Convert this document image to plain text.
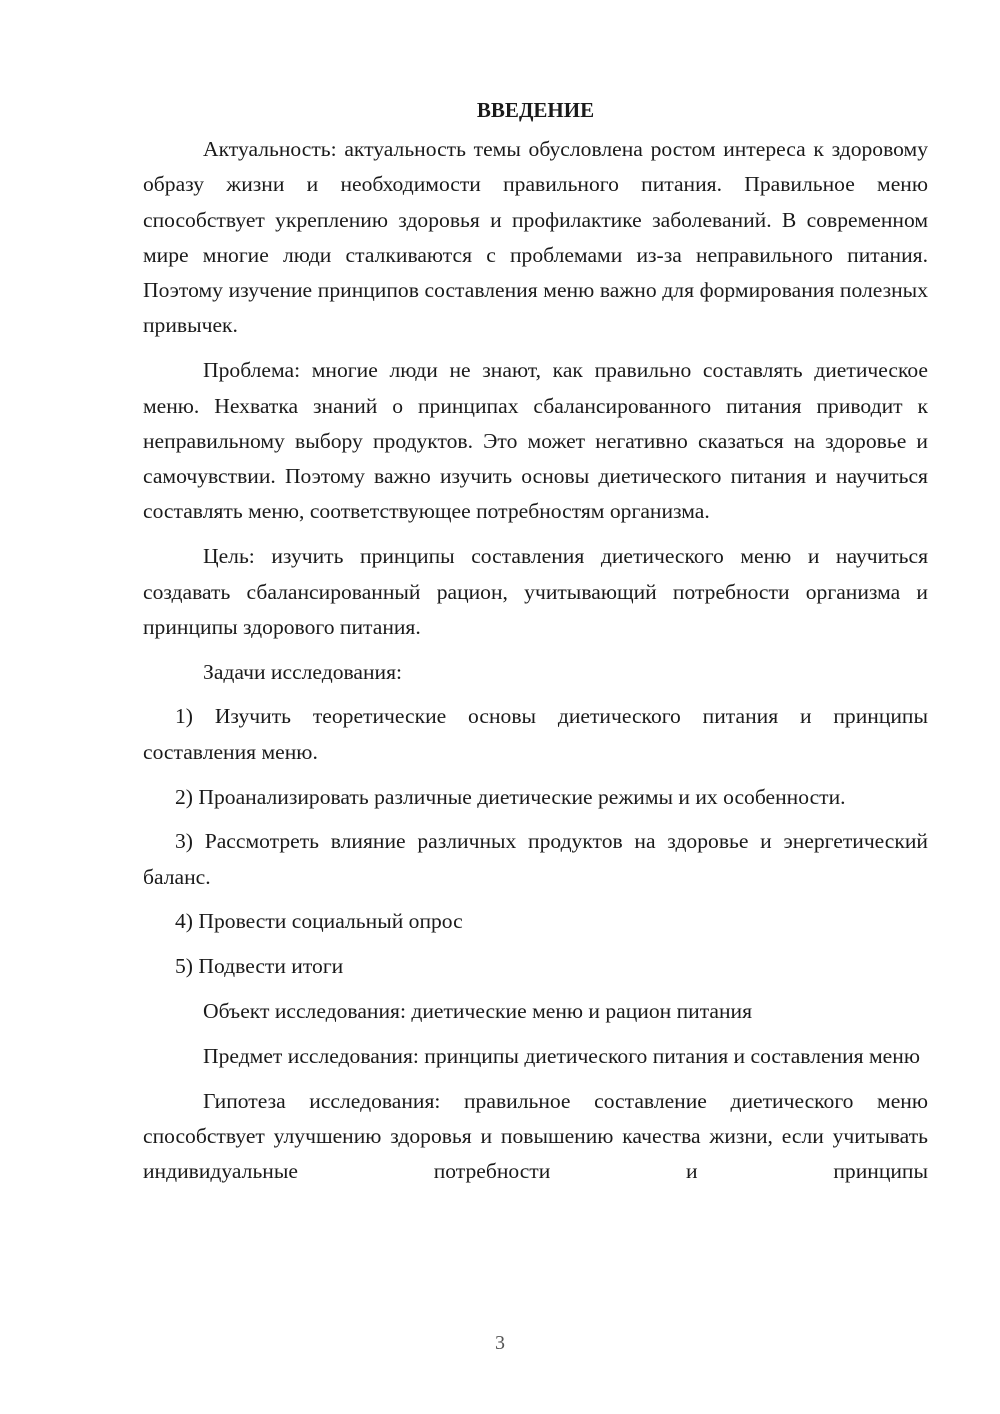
ВВЕДЕНИЕ

Актуальность: актуальность темы обусловлена ростом интереса к здоровому образу жизни и необходимости правильного питания. Правильное меню способствует укреплению здоровья и профилактике заболеваний. В современном мире многие люди сталкиваются с проблемами из-за неправильного питания. Поэтому изучение принципов составления меню важно для формирования полезных привычек.

Проблема: многие люди не знают, как правильно составлять диетическое меню. Нехватка знаний о принципах сбалансированного питания приводит к неправильному выбору продуктов. Это может негативно сказаться на здоровье и самочувствии. Поэтому важно изучить основы диетического питания и научиться составлять меню, соответствующее потребностям организма.

Цель: изучить принципы составления диетического меню и научиться создавать сбалансированный рацион, учитывающий потребности организма и принципы здорового питания.

Задачи исследования:

1) Изучить теоретические основы диетического питания и принципы составления меню.

2) Проанализировать различные диетические режимы и их особенности.

3) Рассмотреть влияние различных продуктов на здоровье и энергетический баланс.

4) Провести социальный опрос

5) Подвести итоги

Объект исследования: диетические меню и рацион питания

Предмет исследования: принципы диетического питания и составления меню

Гипотеза исследования: правильное составление диетического меню способствует улучшению здоровья и повышению качества жизни, если учитывать индивидуальные потребности и принципы

3
